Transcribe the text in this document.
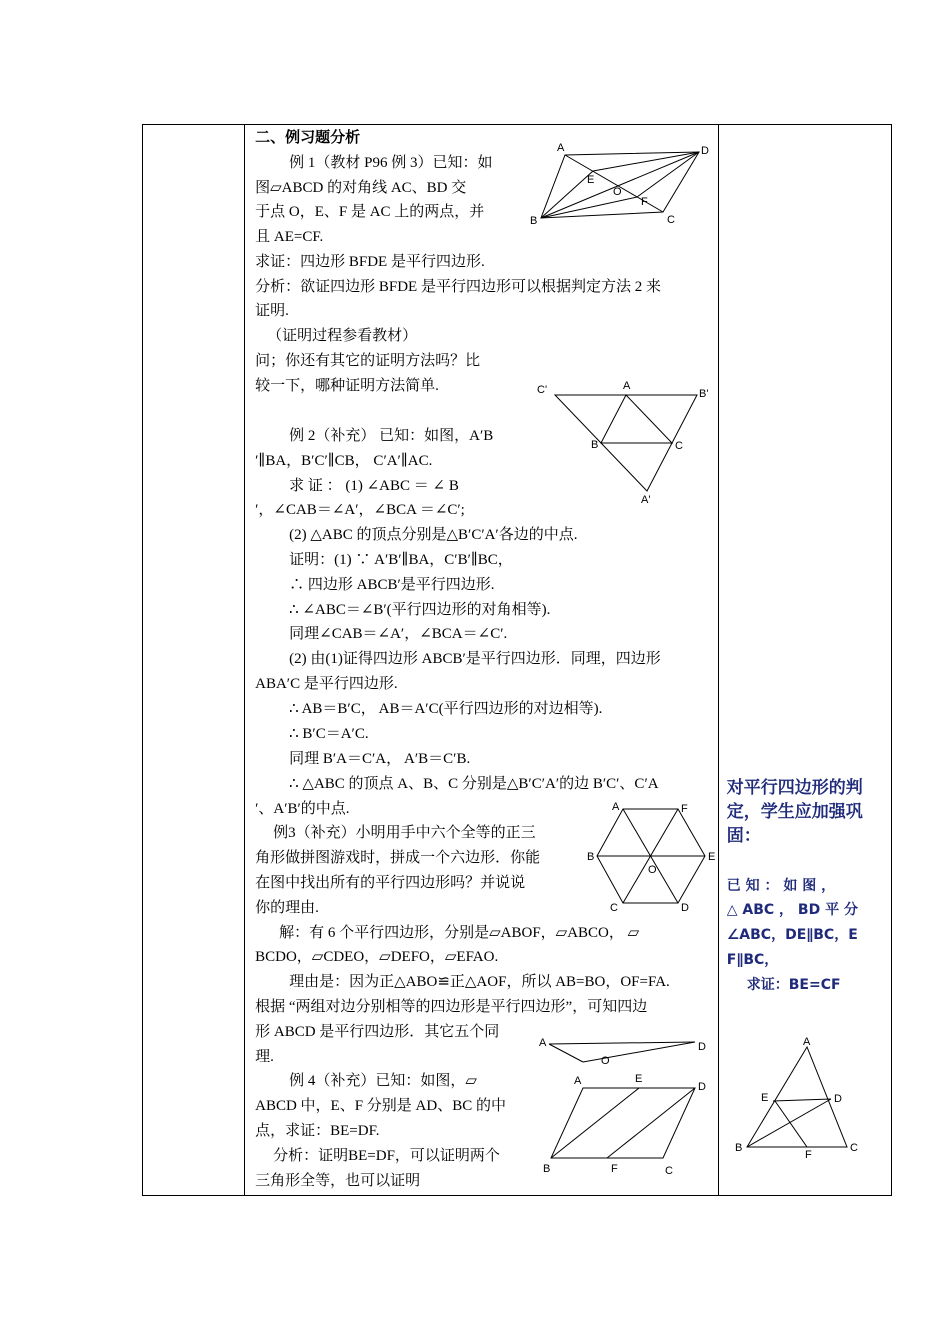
二、例习题分析
例 1（教材 P96 例 3）已知：如
图▱ABCD 的对角线 AC、BD 交
于点 O，E、F 是 AC 上的两点，并
且 AE=CF.
求证：四边形 BFDE 是平行四边形.
分析：欲证四边形 BFDE 是平行四边形可以根据判定方法 2 来
证明.
（证明过程参看教材）
问；你还有其它的证明方法吗？比
较一下，哪种证明方法简单.
例 2（补充） 已知：如图，A′B
′∥BA，B′C′∥CB， C′A′∥AC.
求 证 ： (1) ∠ABC ＝ ∠ B
′，∠CAB＝∠A′，∠BCA ＝∠C′;
(2) △ABC 的顶点分别是△B′C′A′各边的中点.
证明：(1) ∵ A′B′∥BA，C′B′∥BC，
∴ 四边形 ABCB′是平行四边形.
∴ ∠ABC＝∠B′(平行四边形的对角相等).
同理∠CAB＝∠A′，∠BCA＝∠C′.
(2) 由(1)证得四边形 ABCB′是平行四边形．同理，四边形
ABA′C 是平行四边形.
∴ AB＝B′C， AB＝A′C(平行四边形的对边相等).
∴ B′C＝A′C.
同理 B′A＝C′A， A′B＝C′B.
∴ △ABC 的顶点 A、B、C 分别是△B′C′A′的边 B′C′、C′A
′、A′B′的中点.
例3（补充）小明用手中六个全等的正三
角形做拼图游戏时，拼成一个六边形．你能
在图中找出所有的平行四边形吗？并说说
你的理由.
解：有 6 个平行四边形，分别是▱ABOF，▱ABCO， ▱
BCDO，▱CDEO，▱DEFO，▱EFAO.
理由是：因为正△ABO≌正△AOF，所以 AB=BO，OF=FA.
根据 “两组对边分别相等的四边形是平行四边形”，可知四边
形 ABCD 是平行四边形．其它五个同
理.
例 4（补充）已知：如图，▱
ABCD 中，E、F 分别是 AD、BC 的中
点，求证：BE=DF.
分析：证明BE=DF，可以证明两个
三角形全等，也可以证明
A	D
B	C
E
O
F
C'	A
B'
B	C
A'
A	F
B	E
O
C	D
A	D
O
A	E
D
B	F	C

对平行四边形的判
定，学生应加强巩
固：
已 知 ： 如 图 ，
△ ABC ， BD 平 分
∠ABC，DE∥BC，E
F∥BC，
求证：BE=CF
A
E	D
B
F
C
